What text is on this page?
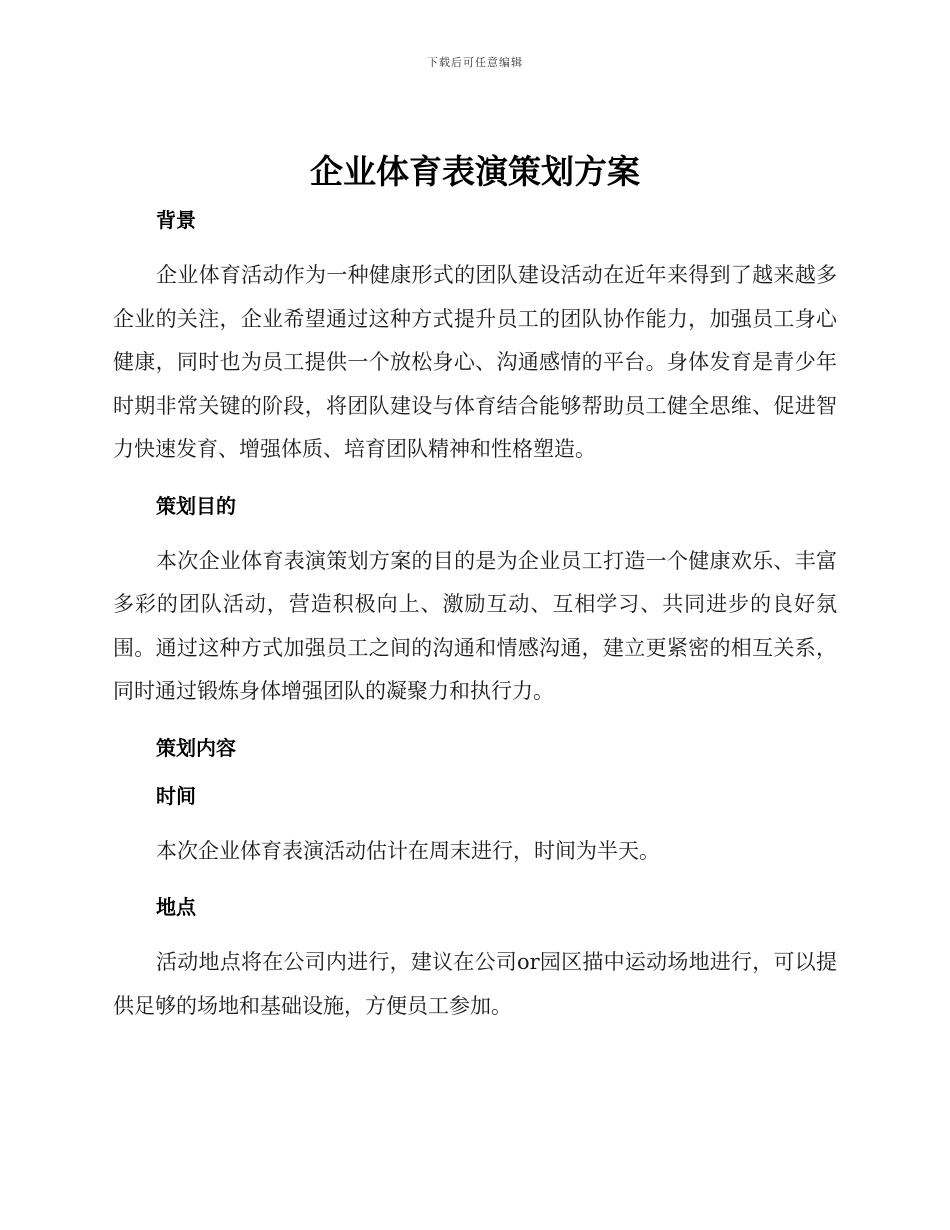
下载后可任意编辑
企业体育表演策划方案
背景

企业体育活动作为一种健康形式的团队建设活动在近年来得到了越来越多企业的关注，企业希望通过这种方式提升员工的团队协作能力，加强员工身心健康，同时也为员工提供一个放松身心、沟通感情的平台。身体发育是青少年时期非常关键的阶段，将团队建设与体育结合能够帮助员工健全思维、促进智力快速发育、增强体质、培育团队精神和性格塑造。

策划目的

本次企业体育表演策划方案的目的是为企业员工打造一个健康欢乐、丰富多彩的团队活动，营造积极向上、激励互动、互相学习、共同进步的良好氛围。通过这种方式加强员工之间的沟通和情感沟通，建立更紧密的相互关系，同时通过锻炼身体增强团队的凝聚力和执行力。

策划内容
时间

本次企业体育表演活动估计在周末进行，时间为半天。

地点

活动地点将在公司内进行，建议在公司or园区描中运动场地进行，可以提供足够的场地和基础设施，方便员工参加。
